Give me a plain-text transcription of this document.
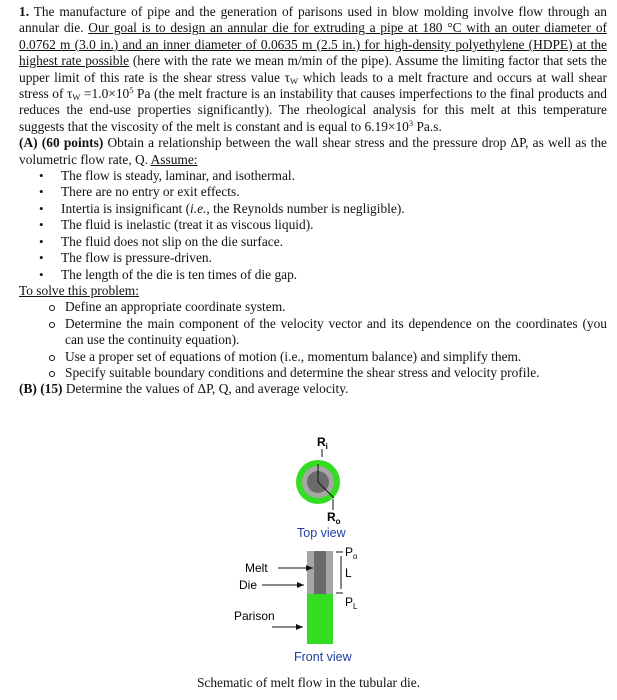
1. The manufacture of pipe and the generation of parisons used in blow molding involve flow through an annular die. Our goal is to design an annular die for extruding a pipe at 180 °C with an outer diameter of 0.0762 m (3.0 in.) and an inner diameter of 0.0635 m (2.5 in.) for high-density polyethylene (HDPE) at the highest rate possible (here with the rate we mean m/min of the pipe). Assume the limiting factor that sets the upper limit of this rate is the shear stress value $\tau_W$ which leads to a melt fracture and occurs at wall shear stress of $\tau_W =1.0\times 10^5$ Pa (the melt fracture is an instability that causes imperfections to the final products and reduces the end-use properties significantly). The rheological analysis for this melt at this temperature suggests that the viscosity of the melt is constant and is equal to $6.19\times 10^3$ Pa.s.

(A) (60 points) Obtain a relationship between the wall shear stress and the pressure drop ΔP, as well as the volumetric flow rate, Q. Assume:

• The flow is steady, laminar, and isothermal.
• There are no entry or exit effects.
• Intertia is insignificant (i.e., the Reynolds number is negligible).
• The fluid is inelastic (treat it as viscous liquid).
• The fluid does not slip on the die surface.
• The flow is pressure-driven.
• The length of the die is ten times of die gap.

To solve this problem:

Define an appropriate coordinate system.
Determine the main component of the velocity vector and its dependence on the coordinates (you can use the continuity equation).
Use a proper set of equations of motion (i.e., momentum balance) and simplify them.
Specify suitable boundary conditions and determine the shear stress and velocity profile.

(B) (15) Determine the values of ΔP, Q, and average velocity.

$R_i$
$R_o$
Top view
$P_o$
L
$P_L$
Melt
Die
Parison
Front view
Schematic of melt flow in the tubular die.
